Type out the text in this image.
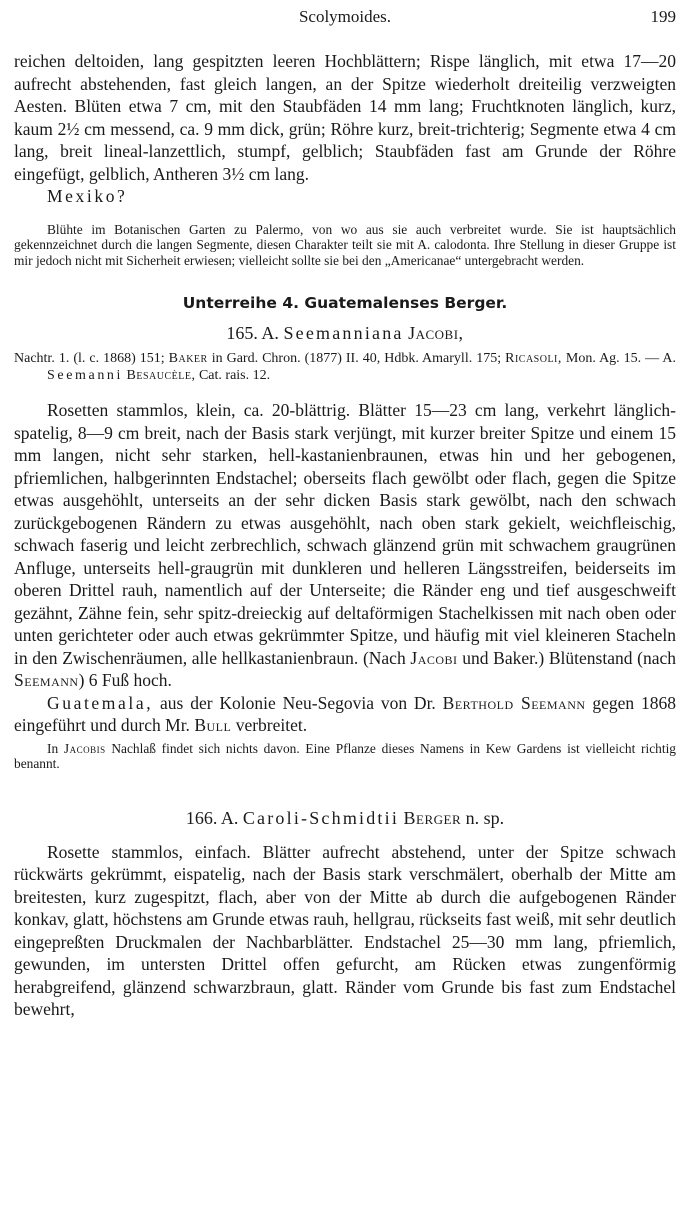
Scolymoides.	199

reichen deltoiden, lang gespitzten leeren Hochblättern; Rispe länglich, mit etwa 17—20 aufrecht abstehenden, fast gleich langen, an der Spitze wiederholt dreiteilig verzweigten Aesten. Blüten etwa 7 cm, mit den Staubfäden 14 mm lang; Fruchtknoten länglich, kurz, kaum 2½ cm messend, ca. 9 mm dick, grün; Röhre kurz, breit-trichterig; Segmente etwa 4 cm lang, breit lineal-lanzettlich, stumpf, gelblich; Staubfäden fast am Grunde der Röhre eingefügt, gelblich, Antheren 3½ cm lang.

Mexiko?

Blühte im Botanischen Garten zu Palermo, von wo aus sie auch verbreitet wurde. Sie ist hauptsächlich gekennzeichnet durch die langen Segmente, diesen Charakter teilt sie mit A. calodonta. Ihre Stellung in dieser Gruppe ist mir jedoch nicht mit Sicherheit erwiesen; vielleicht sollte sie bei den „Americanae“ untergebracht werden.

Unterreihe 4. Guatemalenses Berger.

165. A. Seemanniana Jacobi,

Nachtr. 1. (l. c. 1868) 151; Baker in Gard. Chron. (1877) II. 40, Hdbk. Amaryll. 175; Ricasoli, Mon. Ag. 15. — A. Seemanni Besaucèle, Cat. rais. 12.

Rosetten stammlos, klein, ca. 20-blättrig. Blätter 15—23 cm lang, verkehrt länglich-spatelig, 8—9 cm breit, nach der Basis stark verjüngt, mit kurzer breiter Spitze und einem 15 mm langen, nicht sehr starken, hell-kastanienbraunen, etwas hin und her gebogenen, pfriemlichen, halbgerinnten Endstachel; oberseits flach gewölbt oder flach, gegen die Spitze etwas ausgehöhlt, unterseits an der sehr dicken Basis stark gewölbt, nach den schwach zurückgebogenen Rändern zu etwas ausgehöhlt, nach oben stark gekielt, weichfleischig, schwach faserig und leicht zerbrechlich, schwach glänzend grün mit schwachem graugrünen Anfluge, unterseits hell-graugrün mit dunkleren und helleren Längsstreifen, beiderseits im oberen Drittel rauh, namentlich auf der Unterseite; die Ränder eng und tief ausgeschweift gezähnt, Zähne fein, sehr spitz-dreieckig auf deltaförmigen Stachelkissen mit nach oben oder unten gerichteter oder auch etwas gekrümmter Spitze, und häufig mit viel kleineren Stacheln in den Zwischenräumen, alle hellkastanienbraun. (Nach Jacobi und Baker.) Blütenstand (nach Seemann) 6 Fuß hoch.

Guatemala, aus der Kolonie Neu-Segovia von Dr. Berthold Seemann gegen 1868 eingeführt und durch Mr. Bull verbreitet.

In Jacobis Nachlaß findet sich nichts davon. Eine Pflanze dieses Namens in Kew Gardens ist vielleicht richtig benannt.

166. A. Caroli-Schmidtii Berger n. sp.

Rosette stammlos, einfach. Blätter aufrecht abstehend, unter der Spitze schwach rückwärts gekrümmt, eispatelig, nach der Basis stark verschmälert, oberhalb der Mitte am breitesten, kurz zugespitzt, flach, aber von der Mitte ab durch die aufgebogenen Ränder konkav, glatt, höchstens am Grunde etwas rauh, hellgrau, rückseits fast weiß, mit sehr deutlich eingepreßten Druckmalen der Nachbarblätter. Endstachel 25—30 mm lang, pfriemlich, gewunden, im untersten Drittel offen gefurcht, am Rücken etwas zungenförmig herabgreifend, glänzend schwarzbraun, glatt. Ränder vom Grunde bis fast zum Endstachel bewehrt,
